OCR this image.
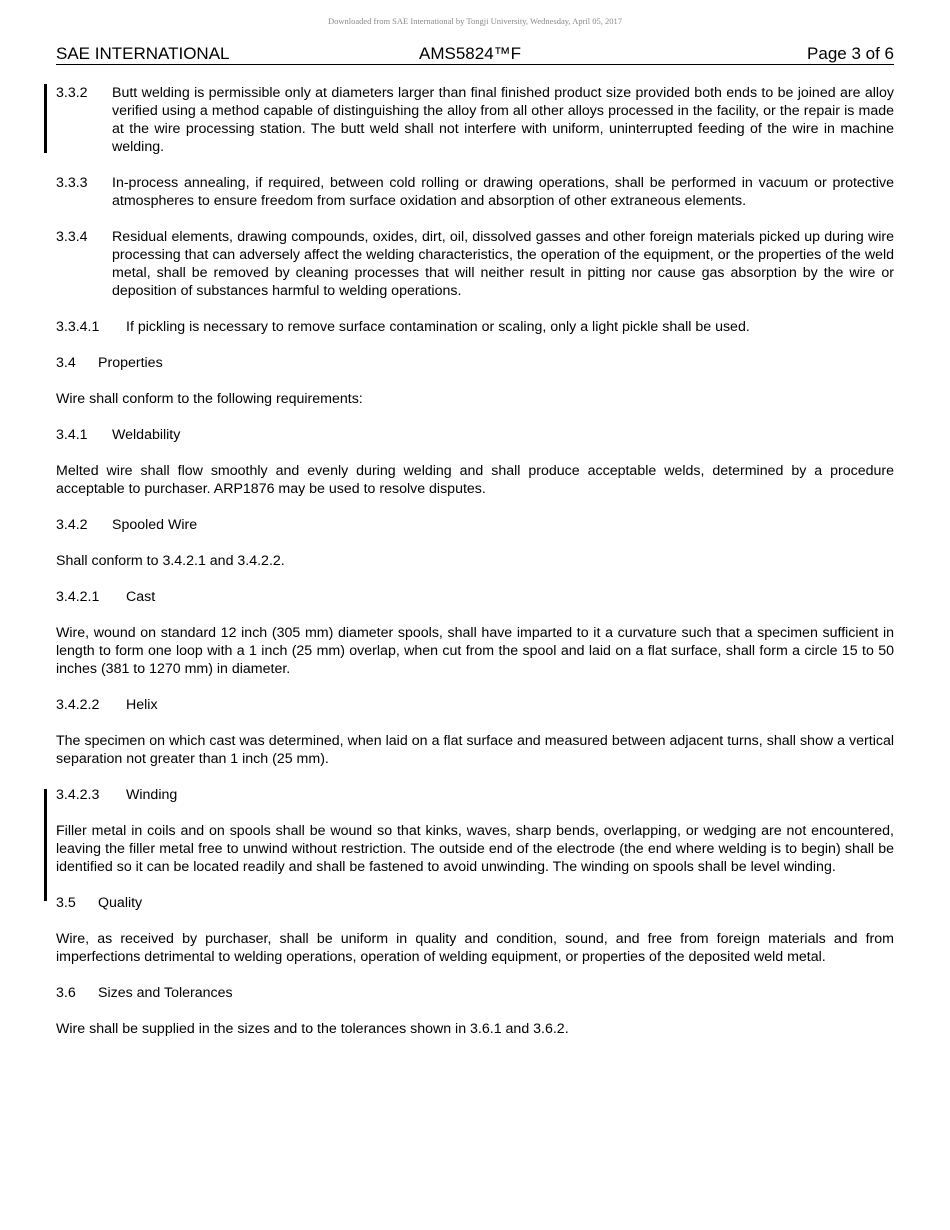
Downloaded from SAE International by Tongji University, Wednesday, April 05, 2017
SAE INTERNATIONAL	AMS5824™F	Page 3 of 6
3.3.2	Butt welding is permissible only at diameters larger than final finished product size provided both ends to be joined are alloy verified using a method capable of distinguishing the alloy from all other alloys processed in the facility, or the repair is made at the wire processing station. The butt weld shall not interfere with uniform, uninterrupted feeding of the wire in machine welding.
3.3.3	In-process annealing, if required, between cold rolling or drawing operations, shall be performed in vacuum or protective atmospheres to ensure freedom from surface oxidation and absorption of other extraneous elements.
3.3.4	Residual elements, drawing compounds, oxides, dirt, oil, dissolved gasses and other foreign materials picked up during wire processing that can adversely affect the welding characteristics, the operation of the equipment, or the properties of the weld metal, shall be removed by cleaning processes that will neither result in pitting nor cause gas absorption by the wire or deposition of substances harmful to welding operations.
3.3.4.1 If pickling is necessary to remove surface contamination or scaling, only a light pickle shall be used.
3.4 Properties
Wire shall conform to the following requirements:
3.4.1 Weldability
Melted wire shall flow smoothly and evenly during welding and shall produce acceptable welds, determined by a procedure acceptable to purchaser. ARP1876 may be used to resolve disputes.
3.4.2 Spooled Wire
Shall conform to 3.4.2.1 and 3.4.2.2.
3.4.2.1 Cast
Wire, wound on standard 12 inch (305 mm) diameter spools, shall have imparted to it a curvature such that a specimen sufficient in length to form one loop with a 1 inch (25 mm) overlap, when cut from the spool and laid on a flat surface, shall form a circle 15 to 50 inches (381 to 1270 mm) in diameter.
3.4.2.2 Helix
The specimen on which cast was determined, when laid on a flat surface and measured between adjacent turns, shall show a vertical separation not greater than 1 inch (25 mm).
3.4.2.3 Winding
Filler metal in coils and on spools shall be wound so that kinks, waves, sharp bends, overlapping, or wedging are not encountered, leaving the filler metal free to unwind without restriction. The outside end of the electrode (the end where welding is to begin) shall be identified so it can be located readily and shall be fastened to avoid unwinding. The winding on spools shall be level winding.
3.5 Quality
Wire, as received by purchaser, shall be uniform in quality and condition, sound, and free from foreign materials and from imperfections detrimental to welding operations, operation of welding equipment, or properties of the deposited weld metal.
3.6 Sizes and Tolerances
Wire shall be supplied in the sizes and to the tolerances shown in 3.6.1 and 3.6.2.
